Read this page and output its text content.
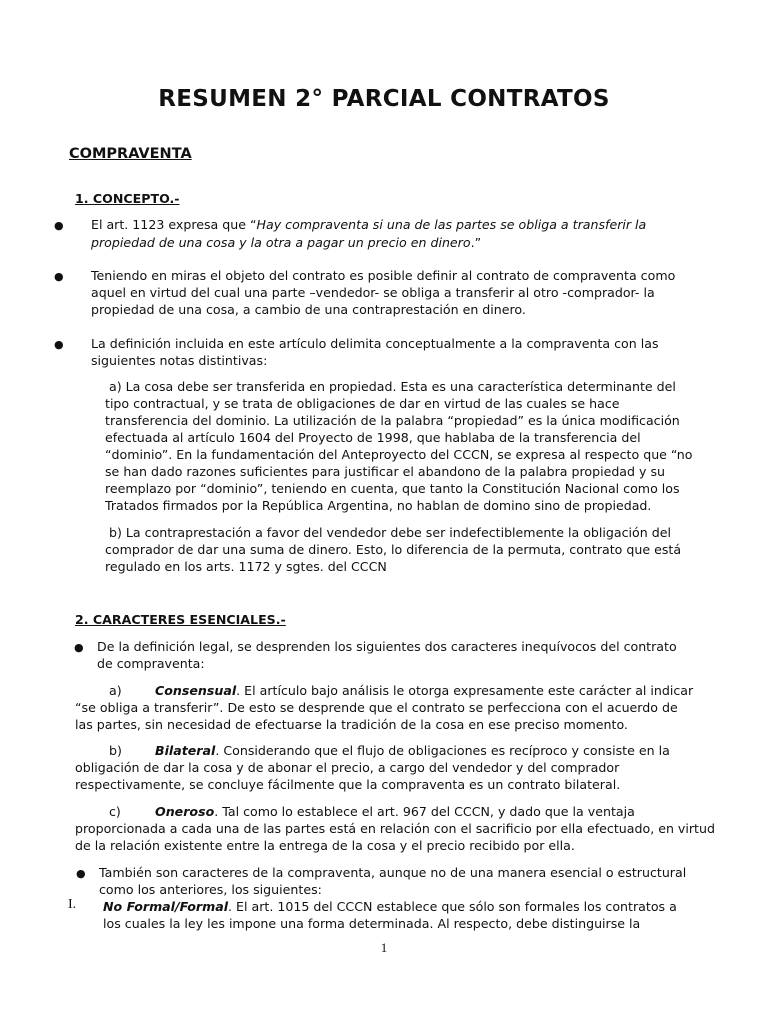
RESUMEN 2° PARCIAL CONTRATOS
COMPRAVENTA
1. CONCEPTO.-
● El art. 1123 expresa que “Hay compraventa si una de las partes se obliga a transferir la
propiedad de una cosa y la otra a pagar un precio en dinero.”
● Teniendo en miras el objeto del contrato es posible definir al contrato de compraventa como
aquel en virtud del cual una parte –vendedor- se obliga a transferir al otro -comprador- la
propiedad de una cosa, a cambio de una contraprestación en dinero.
● La definición incluida en este artículo delimita conceptualmente a la compraventa con las
siguientes notas distintivas:
a) La cosa debe ser transferida en propiedad. Esta es una característica determinante del
tipo contractual, y se trata de obligaciones de dar en virtud de las cuales se hace
transferencia del dominio. La utilización de la palabra “propiedad” es la única modificación
efectuada al artículo 1604 del Proyecto de 1998, que hablaba de la transferencia del
“dominio”. En la fundamentación del Anteproyecto del CCCN, se expresa al respecto que “no
se han dado razones suficientes para justificar el abandono de la palabra propiedad y su
reemplazo por “dominio”, teniendo en cuenta, que tanto la Constitución Nacional como los
Tratados firmados por la República Argentina, no hablan de domino sino de propiedad.
b) La contraprestación a favor del vendedor debe ser indefectiblemente la obligación del
comprador de dar una suma de dinero. Esto, lo diferencia de la permuta, contrato que está
regulado en los arts. 1172 y sgtes. del CCCN
2. CARACTERES ESENCIALES.-
● De la definición legal, se desprenden los siguientes dos caracteres inequívocos del contrato
de compraventa:
a)	Consensual. El artículo bajo análisis le otorga expresamente este carácter al indicar
“se obliga a transferir”. De esto se desprende que el contrato se perfecciona con el acuerdo de
las partes, sin necesidad de efectuarse la tradición de la cosa en ese preciso momento.
b)	Bilateral. Considerando que el flujo de obligaciones es recíproco y consiste en la
obligación de dar la cosa y de abonar el precio, a cargo del vendedor y del comprador
respectivamente, se concluye fácilmente que la compraventa es un contrato bilateral.
c)	Oneroso. Tal como lo establece el art. 967 del CCCN, y dado que la ventaja
proporcionada a cada una de las partes está en relación con el sacrificio por ella efectuado, en virtud
de la relación existente entre la entrega de la cosa y el precio recibido por ella.
● También son caracteres de la compraventa, aunque no de una manera esencial o estructural
como los anteriores, los siguientes:
I. No Formal/Formal. El art. 1015 del CCCN establece que sólo son formales los contratos a
los cuales la ley les impone una forma determinada. Al respecto, debe distinguirse la
1
